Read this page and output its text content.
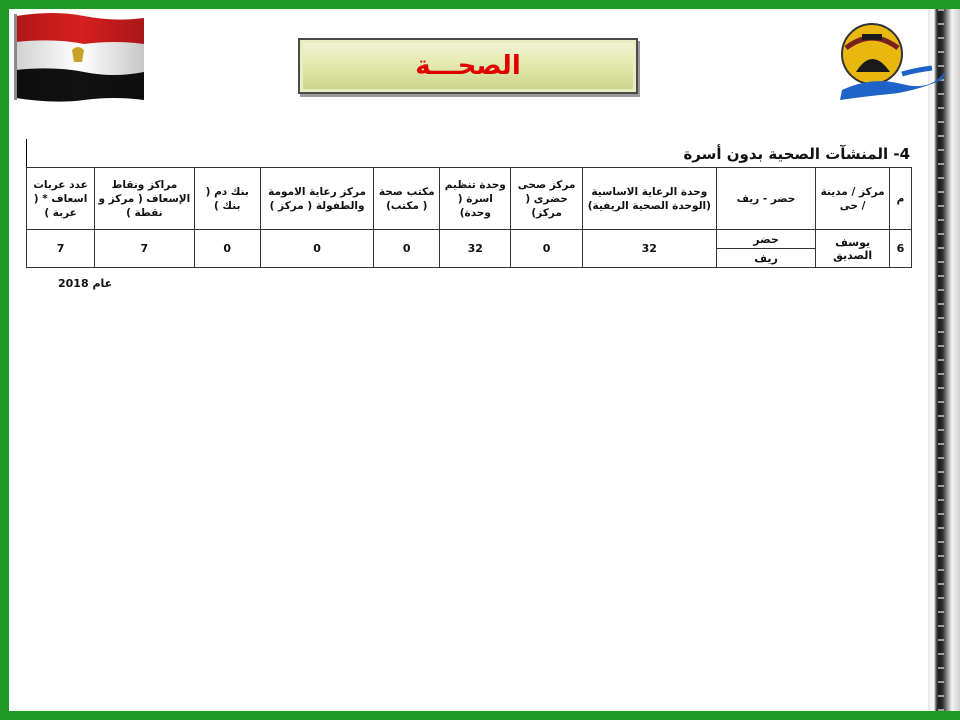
الصحـــة
4- المنشآت الصحية بدون أسرة
م	مركز / مدينة / حى	حضر - ريف	وحدة الرعاية الاساسية (الوحدة الصحية الريفية)	مركز صحى حضرى ( مركز)	وحدة تنظيم اسرة ( وحدة)	مكتب صحة ( مكتب)	مركز رعاية الامومة والطفولة ( مركز )	بنك دم ( بنك )	مراكز ونقاط الإسعاف ( مركز و نقطة )	عدد عربات اسعاف * ( عربة )
6	يوسف الصديق	حضر	32	0	32	0	0	0	7	7
		ريف								
عام 2018
